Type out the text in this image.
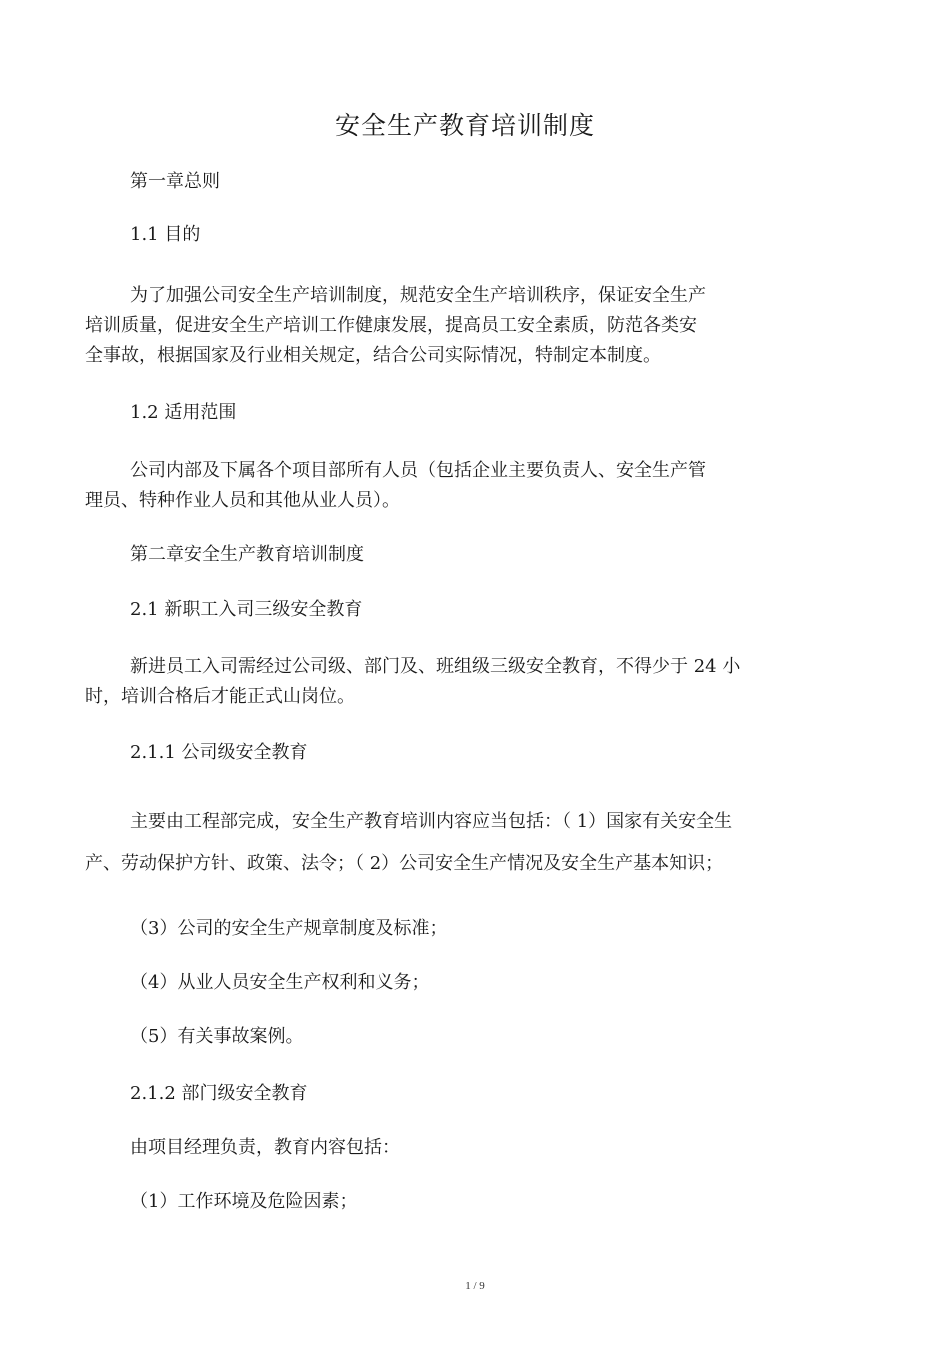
安全生产教育培训制度
第一章总则
1.1 目的
为了加强公司安全生产培训制度，规范安全生产培训秩序，保证安全生产
培训质量，促进安全生产培训工作健康发展，提高员工安全素质，防范各类安
全事故，根据国家及行业相关规定，结合公司实际情况，特制定本制度。
1.2 适用范围
公司内部及下属各个项目部所有人员（包括企业主要负责人、安全生产管
理员、特种作业人员和其他从业人员）。
第二章安全生产教育培训制度
2.1 新职工入司三级安全教育
新进员工入司需经过公司级、部门及、班组级三级安全教育，不得少于 24 小
时，培训合格后才能正式山岗位。
2.1.1 公司级安全教育
主要由工程部完成，安全生产教育培训内容应当包括：（ 1）国家有关安全生
产、劳动保护方针、政策、法令；（ 2）公司安全生产情况及安全生产基本知识；
（3）公司的安全生产规章制度及标准；
（4）从业人员安全生产权利和义务；
（5）有关事故案例。
2.1.2 部门级安全教育
由项目经理负责，教育内容包括：
（1）工作环境及危险因素；
1 / 9
